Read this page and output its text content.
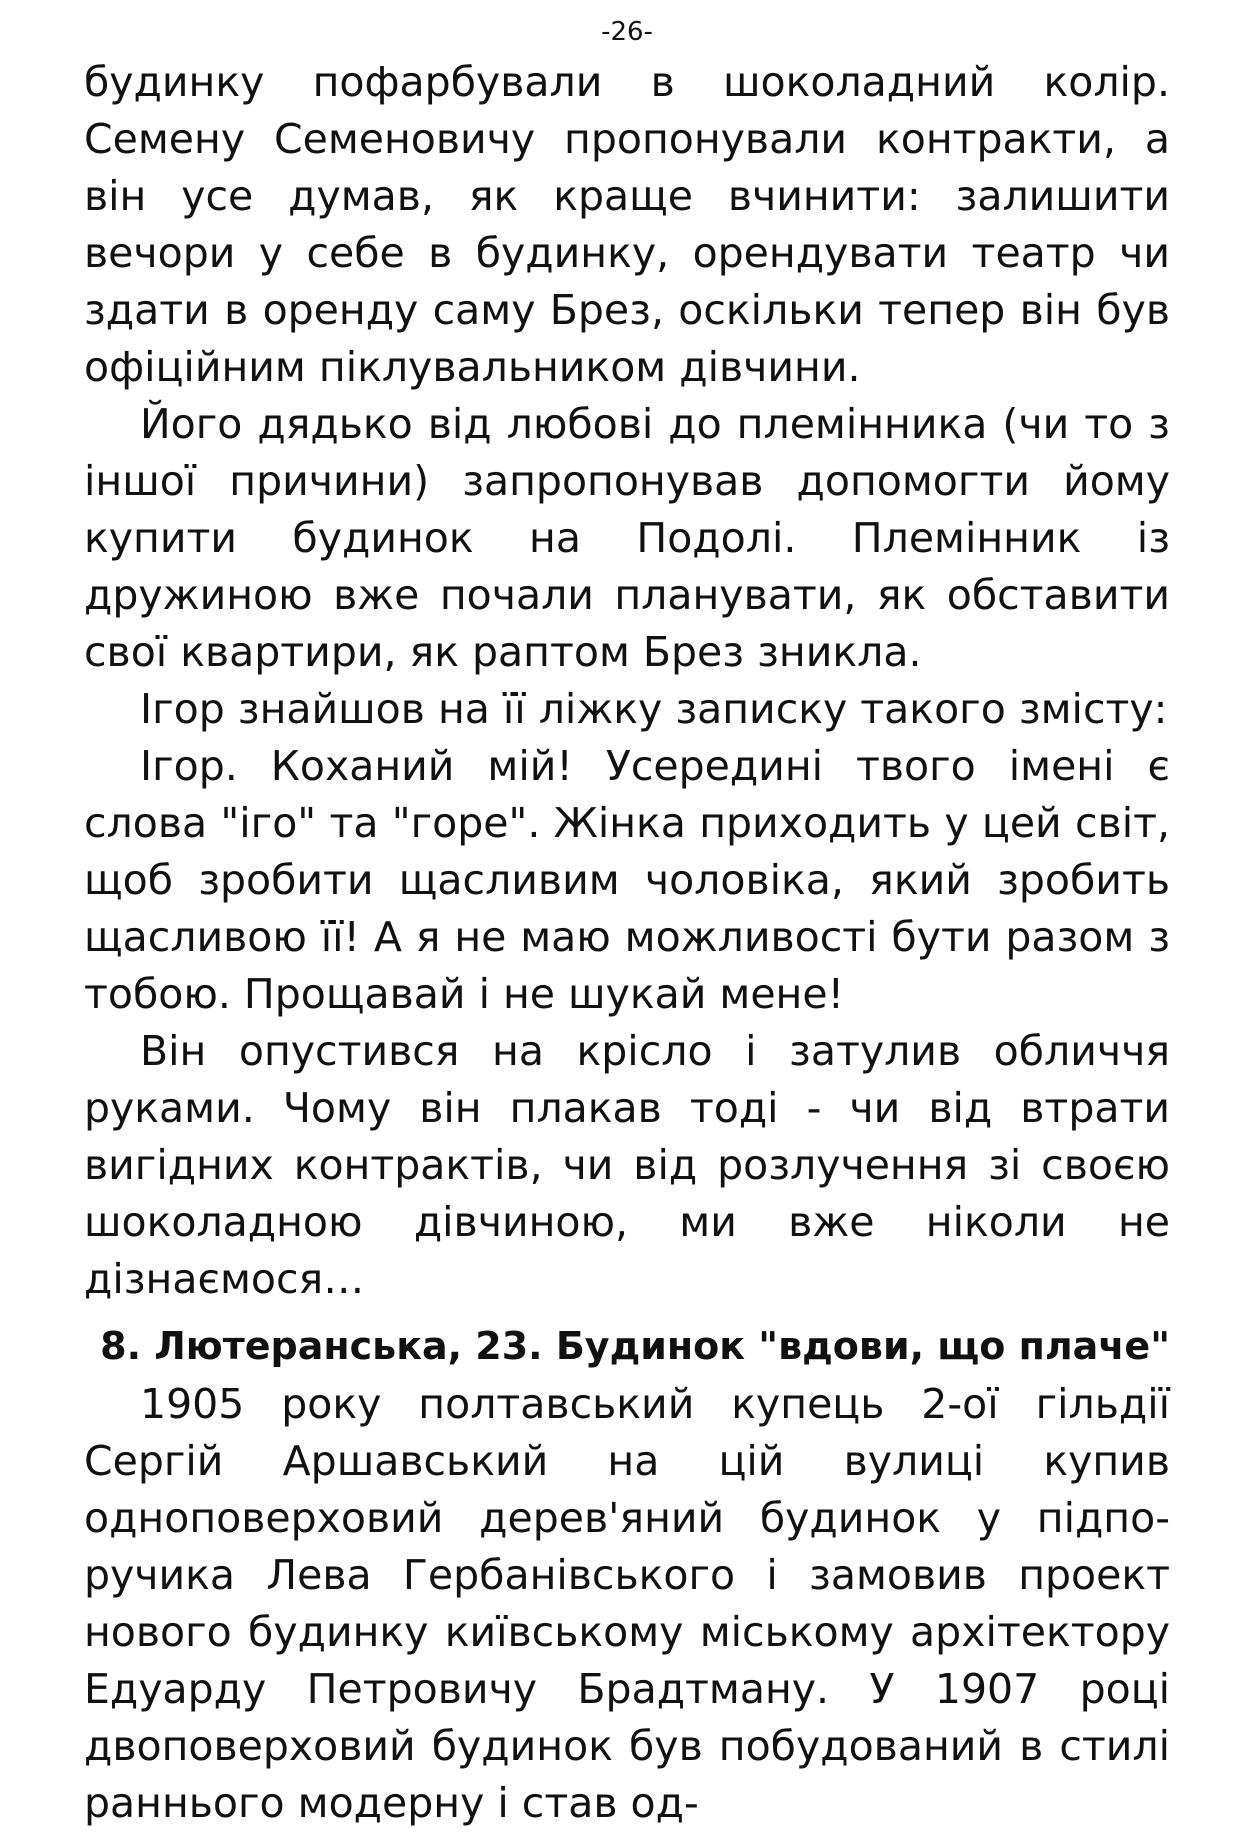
-26-

будинку пофарбували в шоколадний колір. Семену Семеновичу пропонували контракти, а він усе думав, як краще вчинити: залишити вечори у себе в будинку, орендувати театр чи здати в оренду саму Брез, оскільки тепер він був офіційним піклувальником дівчини.

Його дядько від любові до племінника (чи то з іншої причини) запропонував допомогти йому купити будинок на Подолі. Племінник із дружиною вже почали планувати, як обставити свої квартири, як раптом Брез зникла.

Ігор знайшов на її ліжку записку такого змісту:

Ігор. Коханий мій! Усередині твого імені є слова "іго" та "горе". Жінка приходить у цей світ, щоб зробити щасливим чоловіка, який зробить щасливою її! А я не маю можливості бути разом з тобою. Прощавай і не шукай мене!

Він опустився на крісло і затулив обличчя руками. Чому він плакав тоді - чи від втрати вигідних контрактів, чи від розлучення зі своєю шоколадною дівчиною, ми вже ніколи не дізнаємося…

8. Лютеранська, 23. Будинок "вдови, що плаче"

1905 року полтавський купець 2-ої гільдії Сергій Аршавський на цій вулиці купив одноповерховий дерев'яний будинок у підпо-ручика Лева Гербанівського і замовив проект нового будинку київському міському архітектору Едуарду Петровичу Брадтману. У 1907 році двоповерховий будинок був побудований в стилі раннього модерну і став од-
